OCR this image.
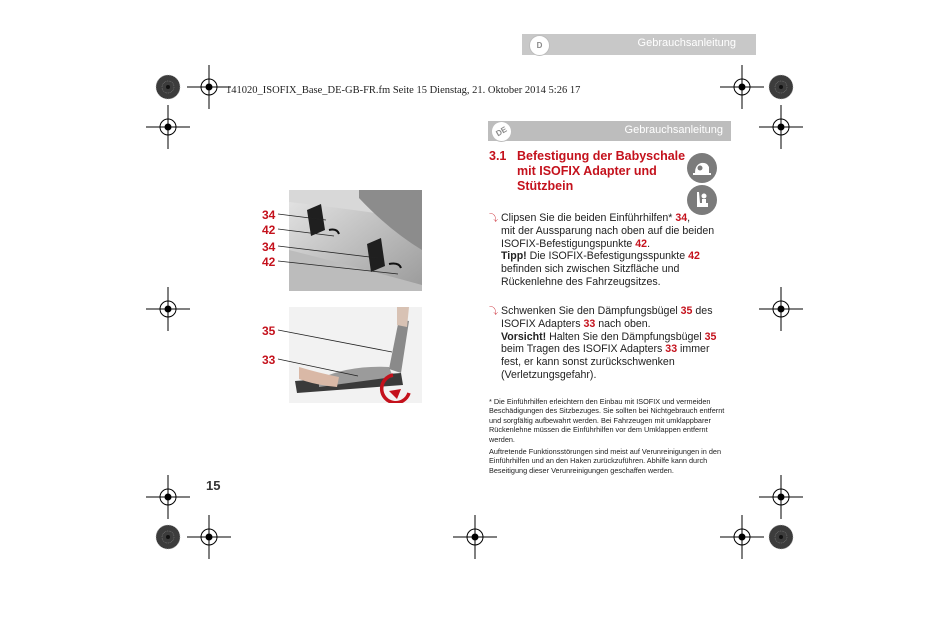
D	Gebrauchsanleitung
141020_ISOFIX_Base_DE-GB-FR.fm Seite 15 Dienstag, 21. Oktober 2014 5:26 17
DE	Gebrauchsanleitung
3.1 Befestigung der Babyschale mit ISOFIX Adapter und Stützbein
⤵ Clipsen Sie die beiden Einführhilfen* 34,
mit der Aussparung nach oben auf die beiden
ISOFIX-Befestigungspunkte 42.
Tipp! Die ISOFIX-Befestigungsspunkte 42
befinden sich zwischen Sitzfläche und
Rückenlehne des Fahrzeugsitzes.
⤵ Schwenken Sie den Dämpfungsbügel 35 des
ISOFIX Adapters 33 nach oben.
Vorsicht! Halten Sie den Dämpfungsbügel 35
beim Tragen des ISOFIX Adapters 33 immer
fest, er kann sonst zurückschwenken
(Verletzungsgefahr).
* Die Einführhilfen erleichtern den Einbau mit ISOFIX und vermeiden Beschädigungen des Sitzbezuges. Sie sollten bei Nichtgebrauch entfernt und sorgfältig aufbewahrt werden. Bei Fahrzeugen mit umklappbarer Rückenlehne müssen die Einführhilfen vor dem Umklappen entfernt werden.
Auftretende Funktionsstörungen sind meist auf Verunreinigungen in den Einführhilfen und an den Haken zurückzuführen. Abhilfe kann durch Beseitigung dieser Verunreinigungen geschaffen werden.
34
42
34
42
35
33
15
